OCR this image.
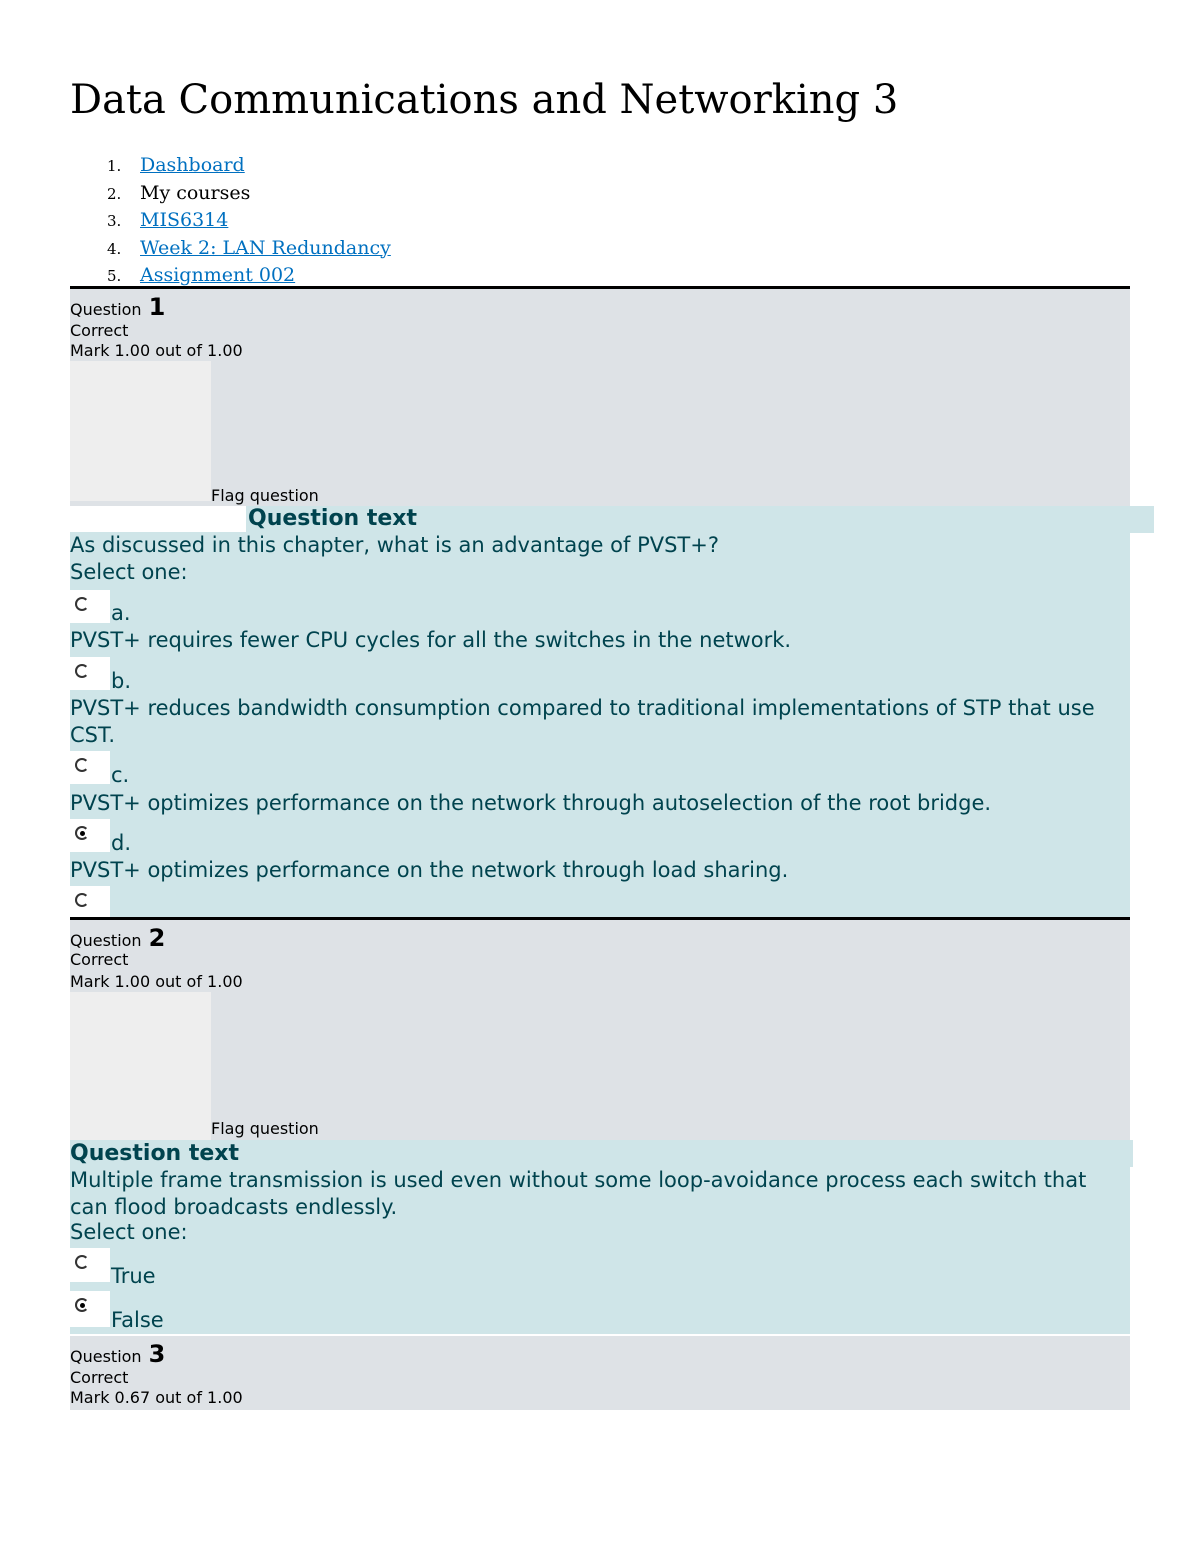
Data Communications and Networking 3
1. Dashboard
2. My courses
3. MIS6314
4. Week 2: LAN Redundancy
5. Assignment 002
Question 1
Correct
Mark 1.00 out of 1.00
Flag question
Question text
As discussed in this chapter, what is an advantage of PVST+?
Select one:
a.
PVST+ requires fewer CPU cycles for all the switches in the network.
b.
PVST+ reduces bandwidth consumption compared to traditional implementations of STP that use CST.
c.
PVST+ optimizes performance on the network through autoselection of the root bridge.
d.
PVST+ optimizes performance on the network through load sharing.
Question 2
Correct
Mark 1.00 out of 1.00
Flag question
Question text
Multiple frame transmission is used even without some loop-avoidance process each switch that can flood broadcasts endlessly.
Select one:
True
False
Question 3
Correct
Mark 0.67 out of 1.00
